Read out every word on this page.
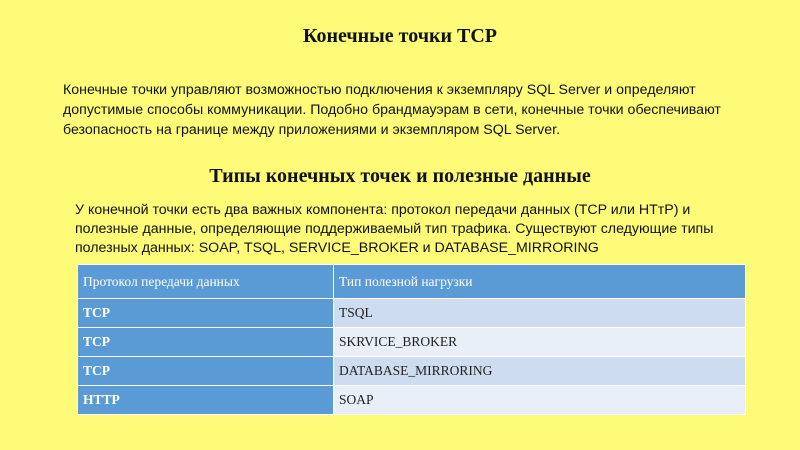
Конечные точки TCP
Конечные точки управляют возможностью подключения к экземпляру SQL Server и определяют допустимые способы коммуникации. Подобно брандмауэрам в сети, конечные точки обеспечивают безопасность на границе между приложениями и экземпляром SQL Server.
Типы конечных точек и полезные данные
У конечной точки есть два важных компонента: протокол передачи данных (TCP или НТтР) и полезные данные, определяющие поддерживаемый тип трафика. Существуют следующие типы полезных данных: SOAP, TSQL, SERVICE_BROKER и DATABASE_MIRRORING
Протокол передачи данных	Тип полезной нагрузки
TCP	TSQL
TCP	SKRVICE_BROKER
TCP	DATABASE_MIRRORING
HTTP	SOAP
